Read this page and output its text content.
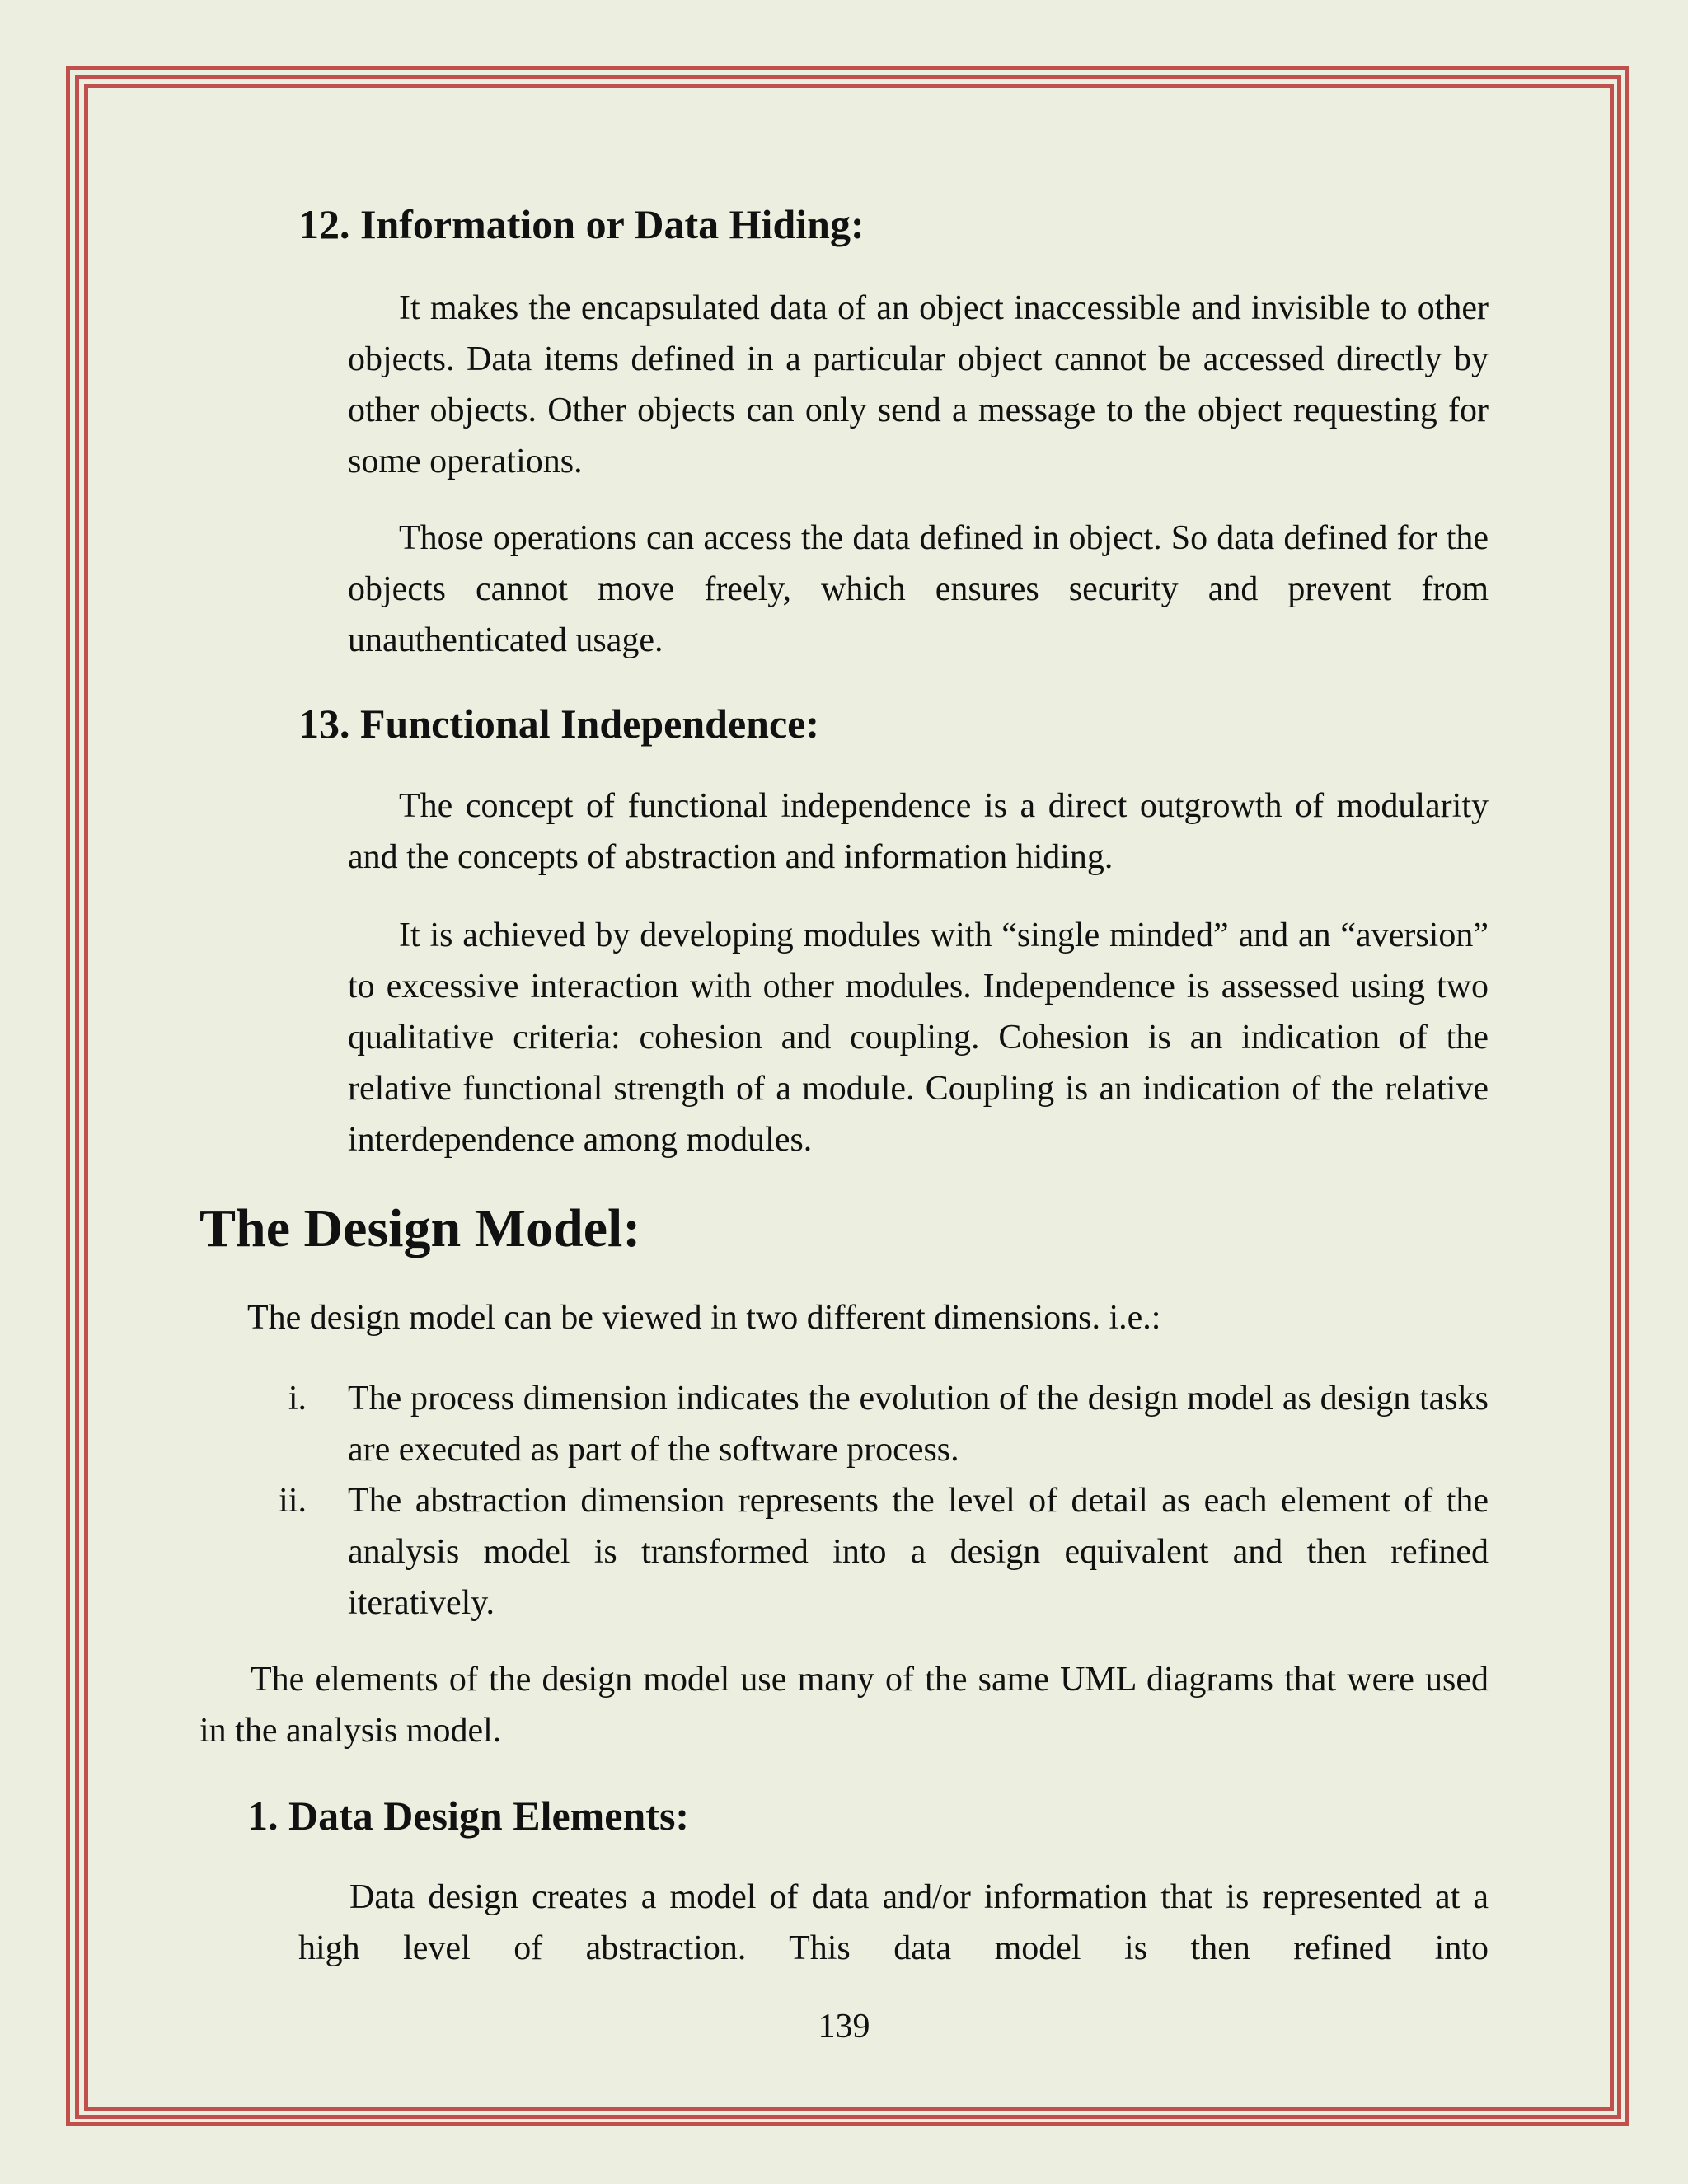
12. Information or Data Hiding:
It makes the encapsulated data of an object inaccessible and invisible to other objects. Data items defined in a particular object cannot be accessed directly by other objects. Other objects can only send a message to the object requesting for some operations.
Those operations can access the data defined in object. So data defined for the objects cannot move freely, which ensures security and prevent from unauthenticated usage.
13. Functional Independence:
The concept of functional independence is a direct outgrowth of modularity and the concepts of abstraction and information hiding.
It is achieved by developing modules with “single minded” and an “aversion” to excessive interaction with other modules. Independence is assessed using two qualitative criteria: cohesion and coupling. Cohesion is an indication of the relative functional strength of a module. Coupling is an indication of the relative interdependence among modules.
The Design Model:
The design model can be viewed in two different dimensions. i.e.:
i. The process dimension indicates the evolution of the design model as design tasks are executed as part of the software process.
ii. The abstraction dimension represents the level of detail as each element of the analysis model is transformed into a design equivalent and then refined iteratively.
The elements of the design model use many of the same UML diagrams that were used in the analysis model.
1. Data Design Elements:
Data design creates a model of data and/or information that is represented at a high level of abstraction. This data model is then refined into
139
